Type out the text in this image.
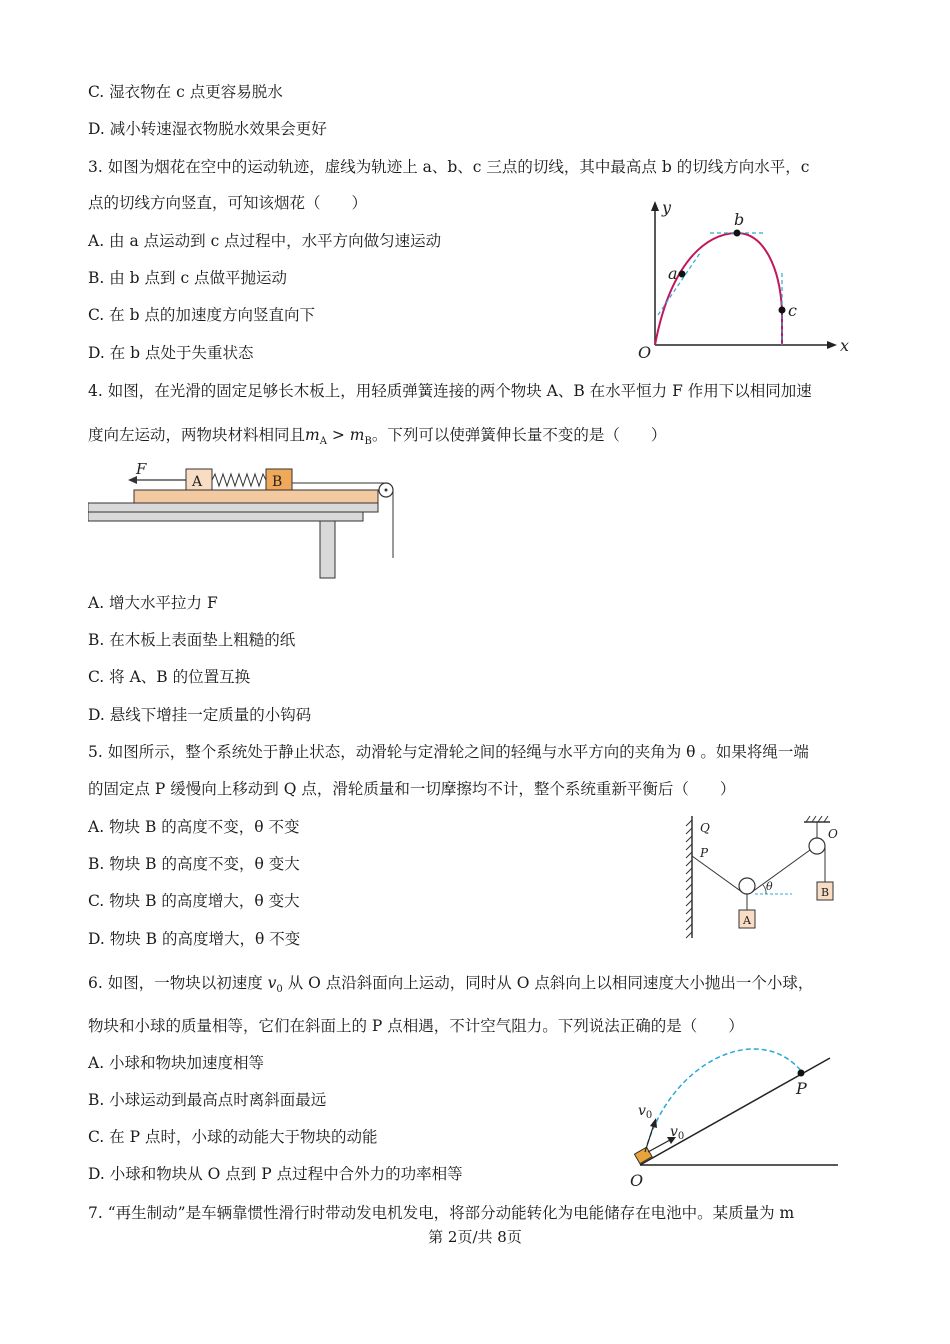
C. 湿衣物在 c 点更容易脱水
D. 减小转速湿衣物脱水效果会更好
3. 如图为烟花在空中的运动轨迹，虚线为轨迹上 a、b、c 三点的切线，其中最高点 b 的切线方向水平，c
点的切线方向竖直，可知该烟花（　　）
A. 由 a 点运动到 c 点过程中，水平方向做匀速运动
B. 由 b 点到 c 点做平抛运动
C. 在 b 点的加速度方向竖直向下
D. 在 b 点处于失重状态
y
x
O
a
b
c
4. 如图，在光滑的固定足够长木板上，用轻质弹簧连接的两个物块 A、B 在水平恒力 F 作用下以相同加速
度向左运动，两物块材料相同且$m_A > m_B$。下列可以使弹簧伸长量不变的是（　　）
F
A	B
A. 增大水平拉力 F
B. 在木板上表面垫上粗糙的纸
C. 将 A、B 的位置互换
D. 悬线下增挂一定质量的小钩码
5. 如图所示，整个系统处于静止状态，动滑轮与定滑轮之间的轻绳与水平方向的夹角为 θ 。如果将绳一端
的固定点 P 缓慢向上移动到 Q 点，滑轮质量和一切摩擦均不计，整个系统重新平衡后（　　）
A. 物块 B 的高度不变，θ 不变
B. 物块 B 的高度不变，θ 变大
C. 物块 B 的高度增大，θ 变大
D. 物块 B 的高度增大，θ 不变
Q
P
O
θ
A
B
6. 如图，一物块以初速度 $v_0$ 从 O 点沿斜面向上运动，同时从 O 点斜向上以相同速度大小抛出一个小球，
物块和小球的质量相等，它们在斜面上的 P 点相遇，不计空气阻力。下列说法正确的是（　　）
A. 小球和物块加速度相等
B. 小球运动到最高点时离斜面最远
C. 在 P 点时，小球的动能大于物块的动能
D. 小球和物块从 O 点到 P 点过程中合外力的功率相等
P
O
$v_0$
$v_0$
7. “再生制动”是车辆靠惯性滑行时带动发电机发电，将部分动能转化为电能储存在电池中。某质量为 m
第 2页/共 8页
